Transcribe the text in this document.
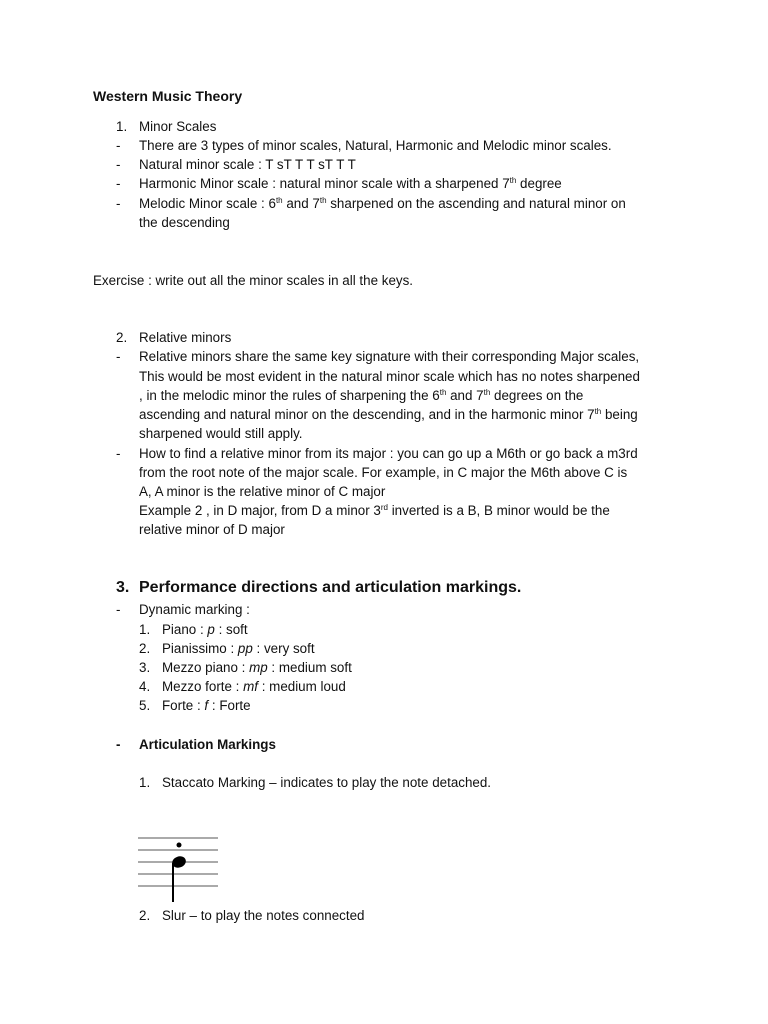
Western Music Theory
1. Minor Scales
- There are 3 types of minor scales, Natural, Harmonic and Melodic minor scales.
- Natural minor scale : T sT T T sT T T
- Harmonic Minor scale : natural minor scale with a sharpened 7th degree
- Melodic Minor scale : 6th and 7th sharpened on the ascending and natural minor on
the descending
Exercise : write out all the minor scales in all the keys.
2. Relative minors
- Relative minors share the same key signature with their corresponding Major scales,
This would be most evident in the natural minor scale which has no notes sharpened
, in the melodic minor the rules of sharpening the 6th and 7th degrees on the
ascending and natural minor on the descending, and in the harmonic minor 7th being
sharpened would still apply.
- How to find a relative minor from its major : you can go up a M6th or go back a m3rd
from the root note of the major scale. For example, in C major the M6th above C is
A, A minor is the relative minor of C major
Example 2 , in D major, from D a minor 3rd inverted is a B, B minor would be the
relative minor of D major
3. Performance directions and articulation markings.
- Dynamic marking :
1. Piano : p : soft
2. Pianissimo : pp : very soft
3. Mezzo piano : mp : medium soft
4. Mezzo forte : mf : medium loud
5. Forte : f : Forte
- Articulation Markings
1. Staccato Marking – indicates to play the note detached.
2. Slur – to play the notes connected
